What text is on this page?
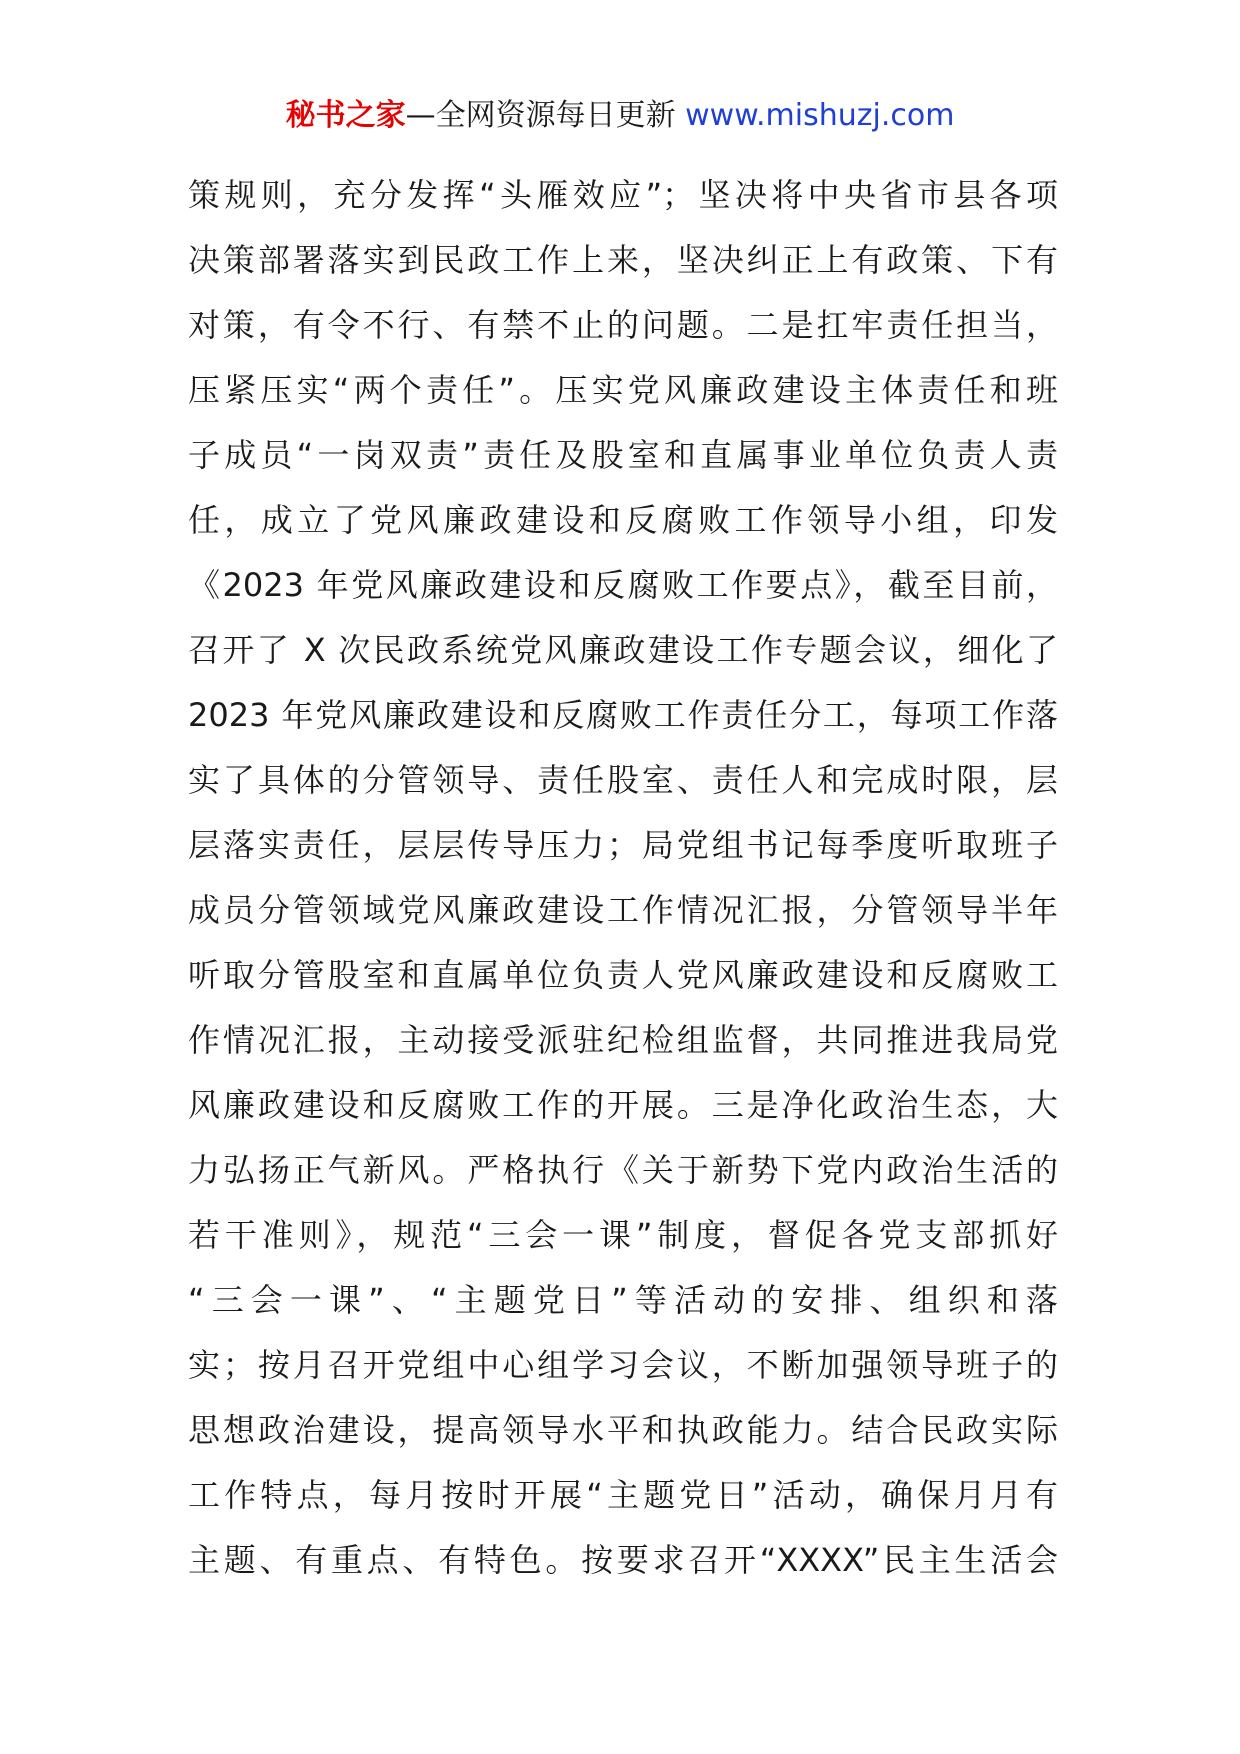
秘书之家—全网资源每日更新 www.mishuzj.com
策规则，充分发挥“头雁效应”；坚决将中央省市县各项
决策部署落实到民政工作上来，坚决纠正上有政策、下有
对策，有令不行、有禁不止的问题。二是扛牢责任担当，
压紧压实“两个责任”。压实党风廉政建设主体责任和班
子成员“一岗双责”责任及股室和直属事业单位负责人责
任，成立了党风廉政建设和反腐败工作领导小组，印发
《2023 年党风廉政建设和反腐败工作要点》，截至目前，
召开了 X 次民政系统党风廉政建设工作专题会议，细化了
2023 年党风廉政建设和反腐败工作责任分工，每项工作落
实了具体的分管领导、责任股室、责任人和完成时限，层
层落实责任，层层传导压力；局党组书记每季度听取班子
成员分管领域党风廉政建设工作情况汇报，分管领导半年
听取分管股室和直属单位负责人党风廉政建设和反腐败工
作情况汇报，主动接受派驻纪检组监督，共同推进我局党
风廉政建设和反腐败工作的开展。三是净化政治生态，大
力弘扬正气新风。严格执行《关于新势下党内政治生活的
若干准则》，规范“三会一课”制度，督促各党支部抓好
“三会一课”、“主题党日”等活动的安排、组织和落
实；按月召开党组中心组学习会议，不断加强领导班子的
思想政治建设，提高领导水平和执政能力。结合民政实际
工作特点，每月按时开展“主题党日”活动，确保月月有
主题、有重点、有特色。按要求召开“XXXX”民主生活会
